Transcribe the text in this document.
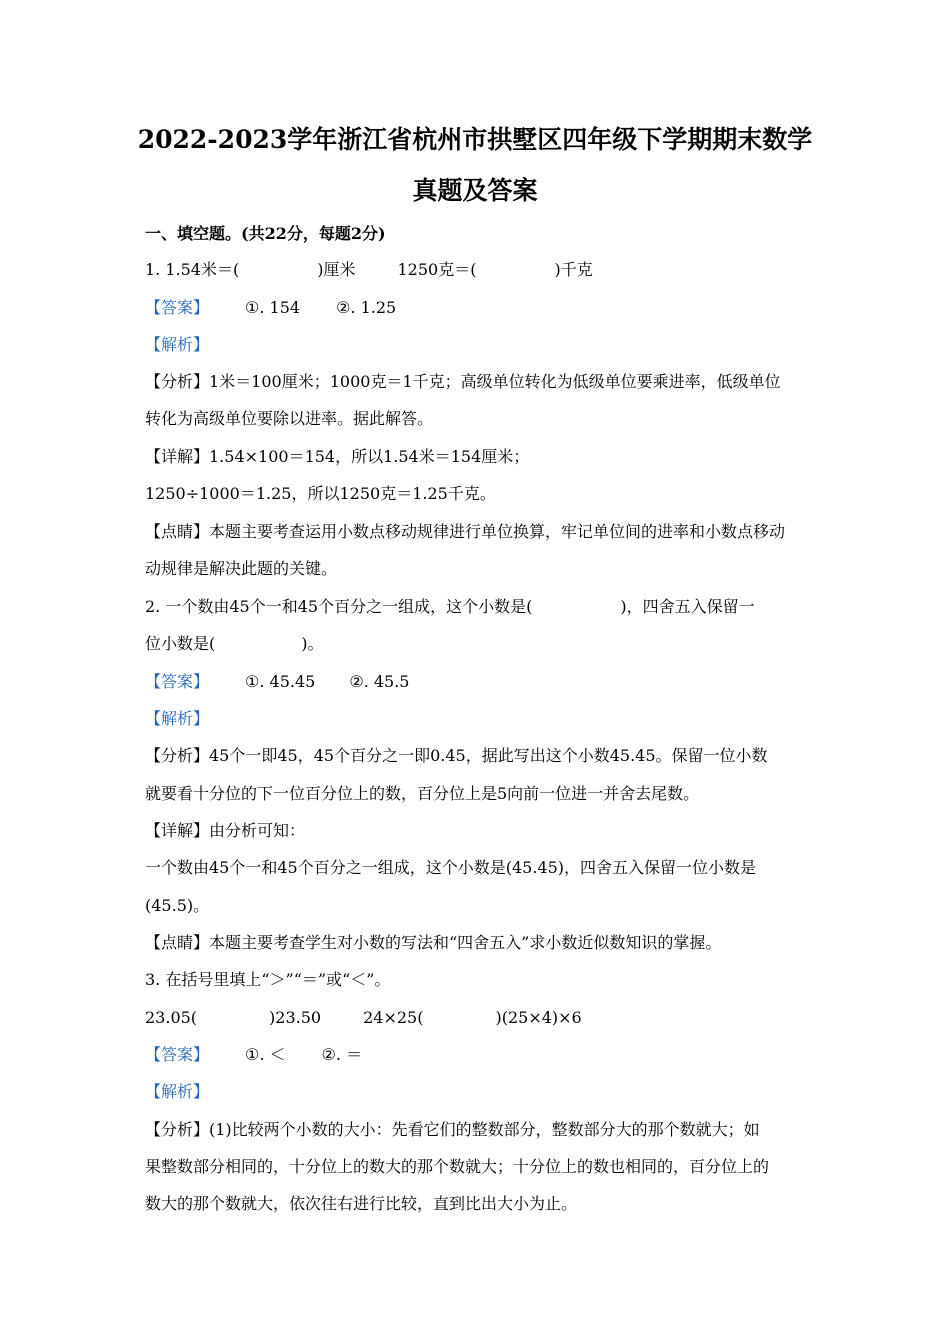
2022-2023学年浙江省杭州市拱墅区四年级下学期期末数学
真题及答案
一、填空题。(共22分，每题2分)
1. 1.54米＝(	)厘米	1250克＝(	)千克
【答案】 ①. 154 ②. 1.25
【解析】
【分析】1米＝100厘米；1000克＝1千克；高级单位转化为低级单位要乘进率，低级单位
转化为高级单位要除以进率。据此解答。
【详解】1.54×100＝154，所以1.54米＝154厘米；
1250÷1000＝1.25，所以1250克＝1.25千克。
【点睛】本题主要考查运用小数点移动规律进行单位换算，牢记单位间的进率和小数点移动
动规律是解决此题的关键。
2. 一个数由45个一和45个百分之一组成，这个小数是(	)，四舍五入保留一
位小数是(	)。
【答案】 ①. 45.45 ②. 45.5
【解析】
【分析】45个一即45，45个百分之一即0.45，据此写出这个小数45.45。保留一位小数
就要看十分位的下一位百分位上的数，百分位上是5向前一位进一并舍去尾数。
【详解】由分析可知：
一个数由45个一和45个百分之一组成，这个小数是(45.45)，四舍五入保留一位小数是
(45.5)。
【点睛】本题主要考查学生对小数的写法和“四舍五入”求小数近似数知识的掌握。
3. 在括号里填上“＞”“＝”或“＜”。
23.05(	)23.50	24×25(	)(25×4)×6
【答案】 ①. ＜ ②. ＝
【解析】
【分析】(1)比较两个小数的大小：先看它们的整数部分，整数部分大的那个数就大；如
果整数部分相同的，十分位上的数大的那个数就大；十分位上的数也相同的，百分位上的
数大的那个数就大，依次往右进行比较，直到比出大小为止。
